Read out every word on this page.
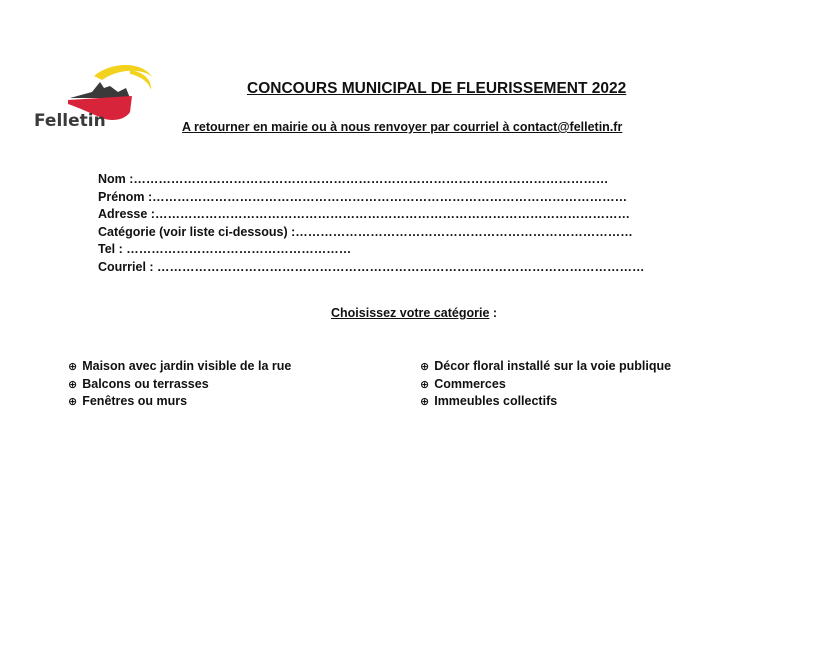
Felletin
CONCOURS MUNICIPAL DE FLEURISSEMENT 2022
A retourner en mairie ou à nous renvoyer par courriel à contact@felletin.fr
Nom :……………………………………………………………………………………………………
Prénom :……………………………………………………………………………………………………
Adresse :……………………………………………………………………………………………………
Catégorie (voir liste ci-dessous) :………………………………………………………………………
Tel : ………………………………………………
Courriel : ………………………………………………………………………………………………………
Choisissez votre catégorie :
⊕ Maison avec jardin visible de la rue
⊕ Balcons ou terrasses
⊕ Fenêtres ou murs
⊕ Décor floral installé sur la voie publique
⊕ Commerces
⊕ Immeubles collectifs
